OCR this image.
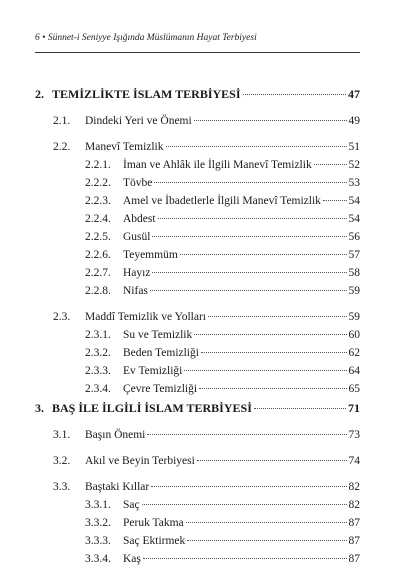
6 • Sünnet-i Seniyye Işığında Müslümanın Hayat Terbiyesi
2. TEMİZLİKTE İSLAM TERBİYESİ	47
2.1.	Dindeki Yeri ve Önemi	49
2.2.	Manevî Temizlik	51
2.2.1.	İman ve Ahlâk ile İlgili Manevî Temizlik	52
2.2.2.	Tövbe	53
2.2.3.	Amel ve İbadetlerle İlgili Manevî Temizlik 54
2.2.4.	Abdest	54
2.2.5.	Gusül	56
2.2.6.	Teyemmüm	57
2.2.7.	Hayız	58
2.2.8.	Nifas	59
2.3.	Maddî Temizlik ve Yolları	59
2.3.1.	Su ve Temizlik	60
2.3.2.	Beden Temizliği	62
2.3.3.	Ev Temizliği	64
2.3.4.	Çevre Temizliği	65
3. BAŞ İLE İLGİLİ İSLAM TERBİYESİ	71
3.1.	Başın Önemi	73
3.2.	Akıl ve Beyin Terbiyesi	74
3.3.	Baştaki Kıllar	82
3.3.1.	Saç	82
3.3.2.	Peruk Takma	87
3.3.3.	Saç Ektirmek	87
3.3.4.	Kaş	87
